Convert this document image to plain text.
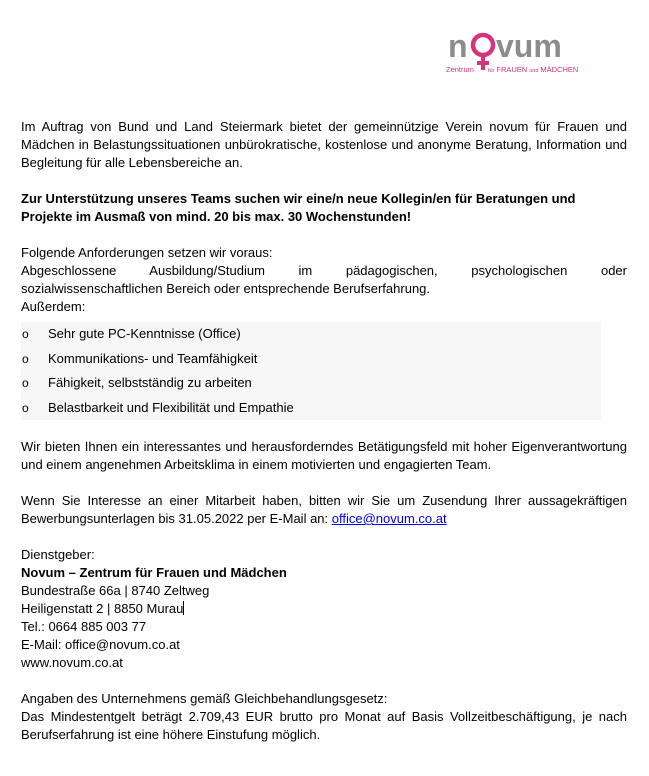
n vum
Zentrum	für FRAUEN und MÄDCHEN

Im Auftrag von Bund und Land Steiermark bietet der gemeinnützige Verein novum für Frauen und Mädchen in Belastungssituationen unbürokratische, kostenlose und anonyme Beratung, Information und Begleitung für alle Lebensbereiche an.

Zur Unterstützung unseres Teams suchen wir eine/n neue Kollegin/en für Beratungen und Projekte im Ausmaß von mind. 20 bis max. 30 Wochenstunden!

Folgende Anforderungen setzen wir voraus:

Abgeschlossene Ausbildung/Studium im pädagogischen, psychologischen oder

sozialwissenschaftlichen Bereich oder entsprechende Berufserfahrung.

Außerdem:

o	Sehr gute PC-Kenntnisse (Office)
o	Kommunikations- und Teamfähigkeit
o	Fähigkeit, selbstständig zu arbeiten
o	Belastbarkeit und Flexibilität und Empathie

Wir bieten Ihnen ein interessantes und herausforderndes Betätigungsfeld mit hoher Eigenverantwortung und einem angenehmen Arbeitsklima in einem motivierten und engagierten Team.

Wenn Sie Interesse an einer Mitarbeit haben, bitten wir Sie um Zusendung Ihrer aussagekräftigen Bewerbungsunterlagen bis 31.05.2022 per E-Mail an: office@novum.co.at

Dienstgeber:

Novum – Zentrum für Frauen und Mädchen

Bundestraße 66a | 8740 Zeltweg

Heiligenstatt 2 | 8850 Murau

Tel.: 0664 885 003 77

E-Mail: office@novum.co.at

www.novum.co.at

Angaben des Unternehmens gemäß Gleichbehandlungsgesetz:

Das Mindestentgelt beträgt 2.709,43 EUR brutto pro Monat auf Basis Vollzeitbeschäftigung, je nach Berufserfahrung ist eine höhere Einstufung möglich.
